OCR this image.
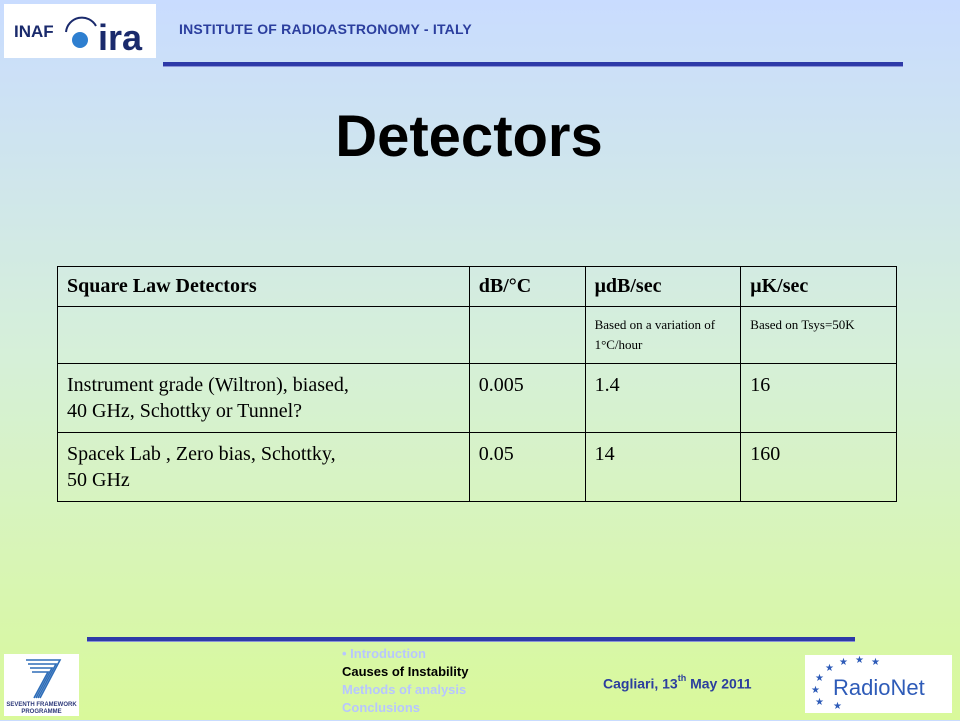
INAF ira	INSTITUTE OF RADIOASTRONOMY - ITALY
Detectors
Square Law Detectors	dB/°C	μdB/sec	μK/sec

		Based on a variation of 1°C/hour	Based on Tsys=50K

Instrument grade (Wiltron), biased,
40 GHz, Schottky or Tunnel?	0.005	1.4	16
Spacek Lab , Zero bias, Schottky,
50 GHz	0.05	14	160
SEVENTH FRAMEWORK
PROGRAMME
• Introduction
Causes of Instability
Methods of analysis
Conclusions
Cagliari, 13th May 2011
★
★
★
★
★ ★ ★
★
RadioNet
